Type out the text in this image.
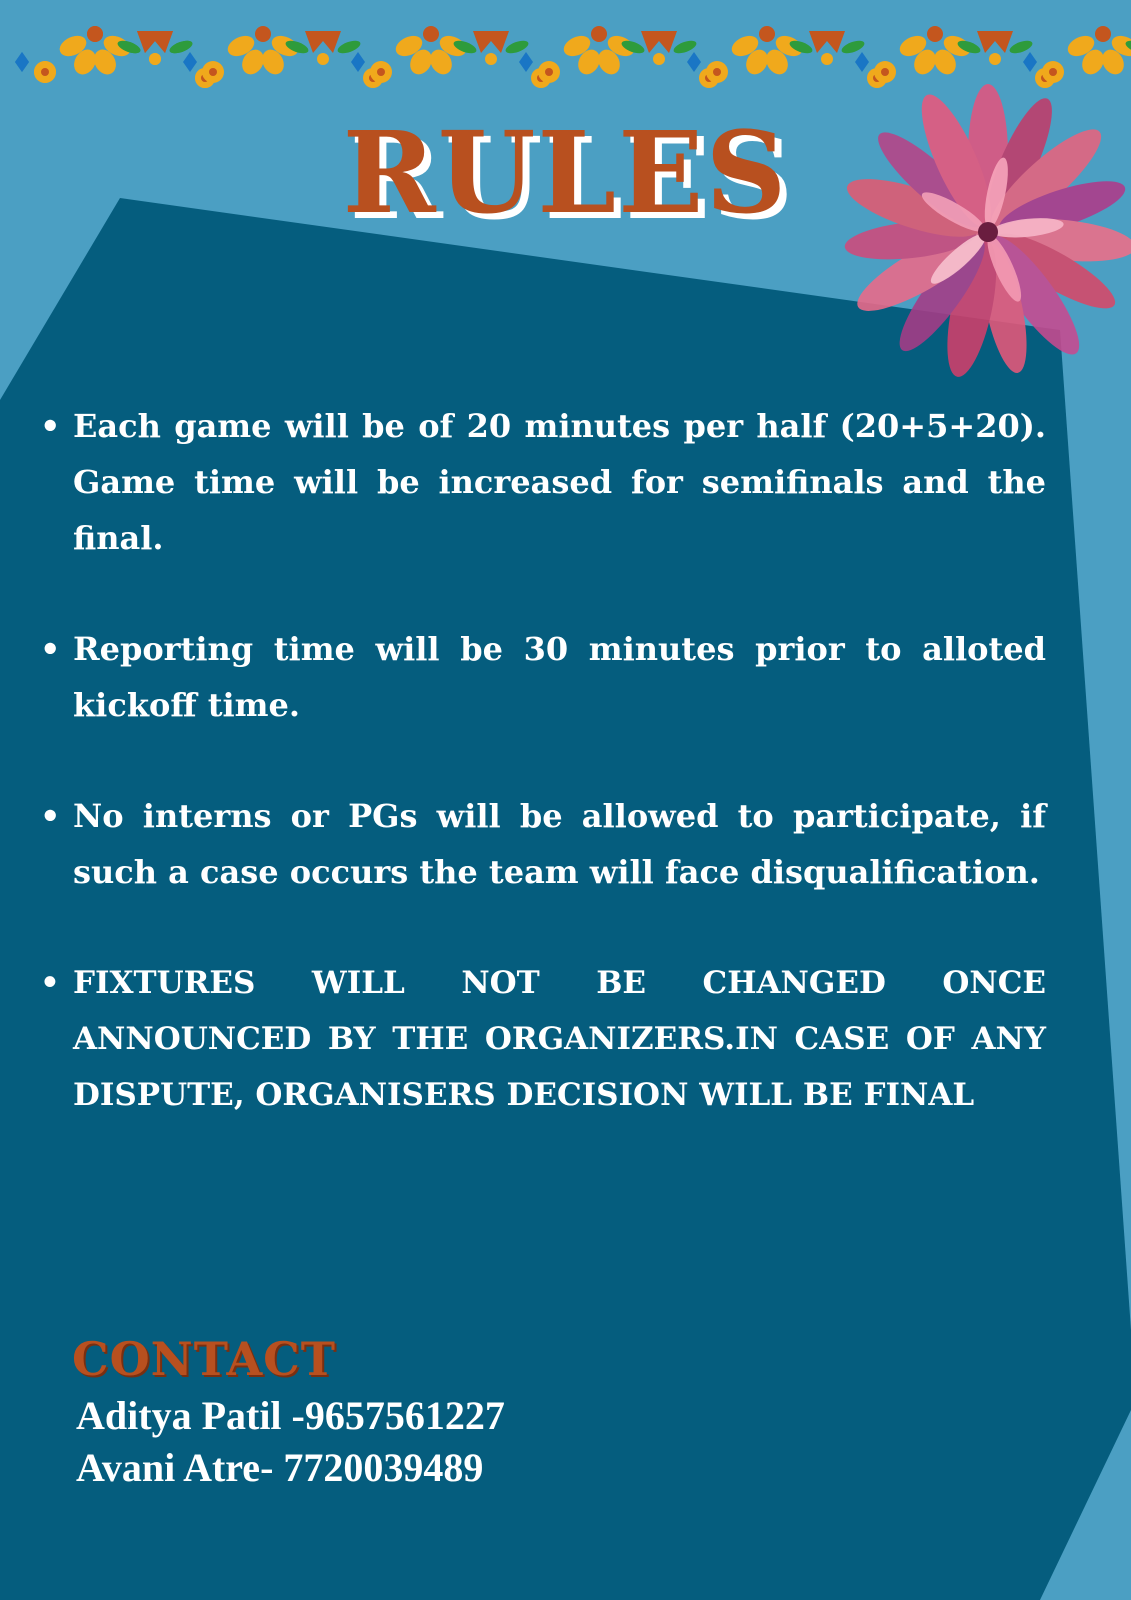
RULES
• Each game will be of 20 minutes per half (20+5+20). Game time will be increased for semifinals and the final.
• Reporting time will be 30 minutes prior to alloted kickoff time.
• No interns or PGs will be allowed to participate, if such a case occurs the team will face disqualification.
• FIXTURES WILL NOT BE CHANGED ONCE ANNOUNCED BY THE ORGANIZERS.IN CASE OF ANY DISPUTE, ORGANISERS DECISION WILL BE FINAL
CONTACT
Aditya Patil -9657561227
Avani Atre- 7720039489
